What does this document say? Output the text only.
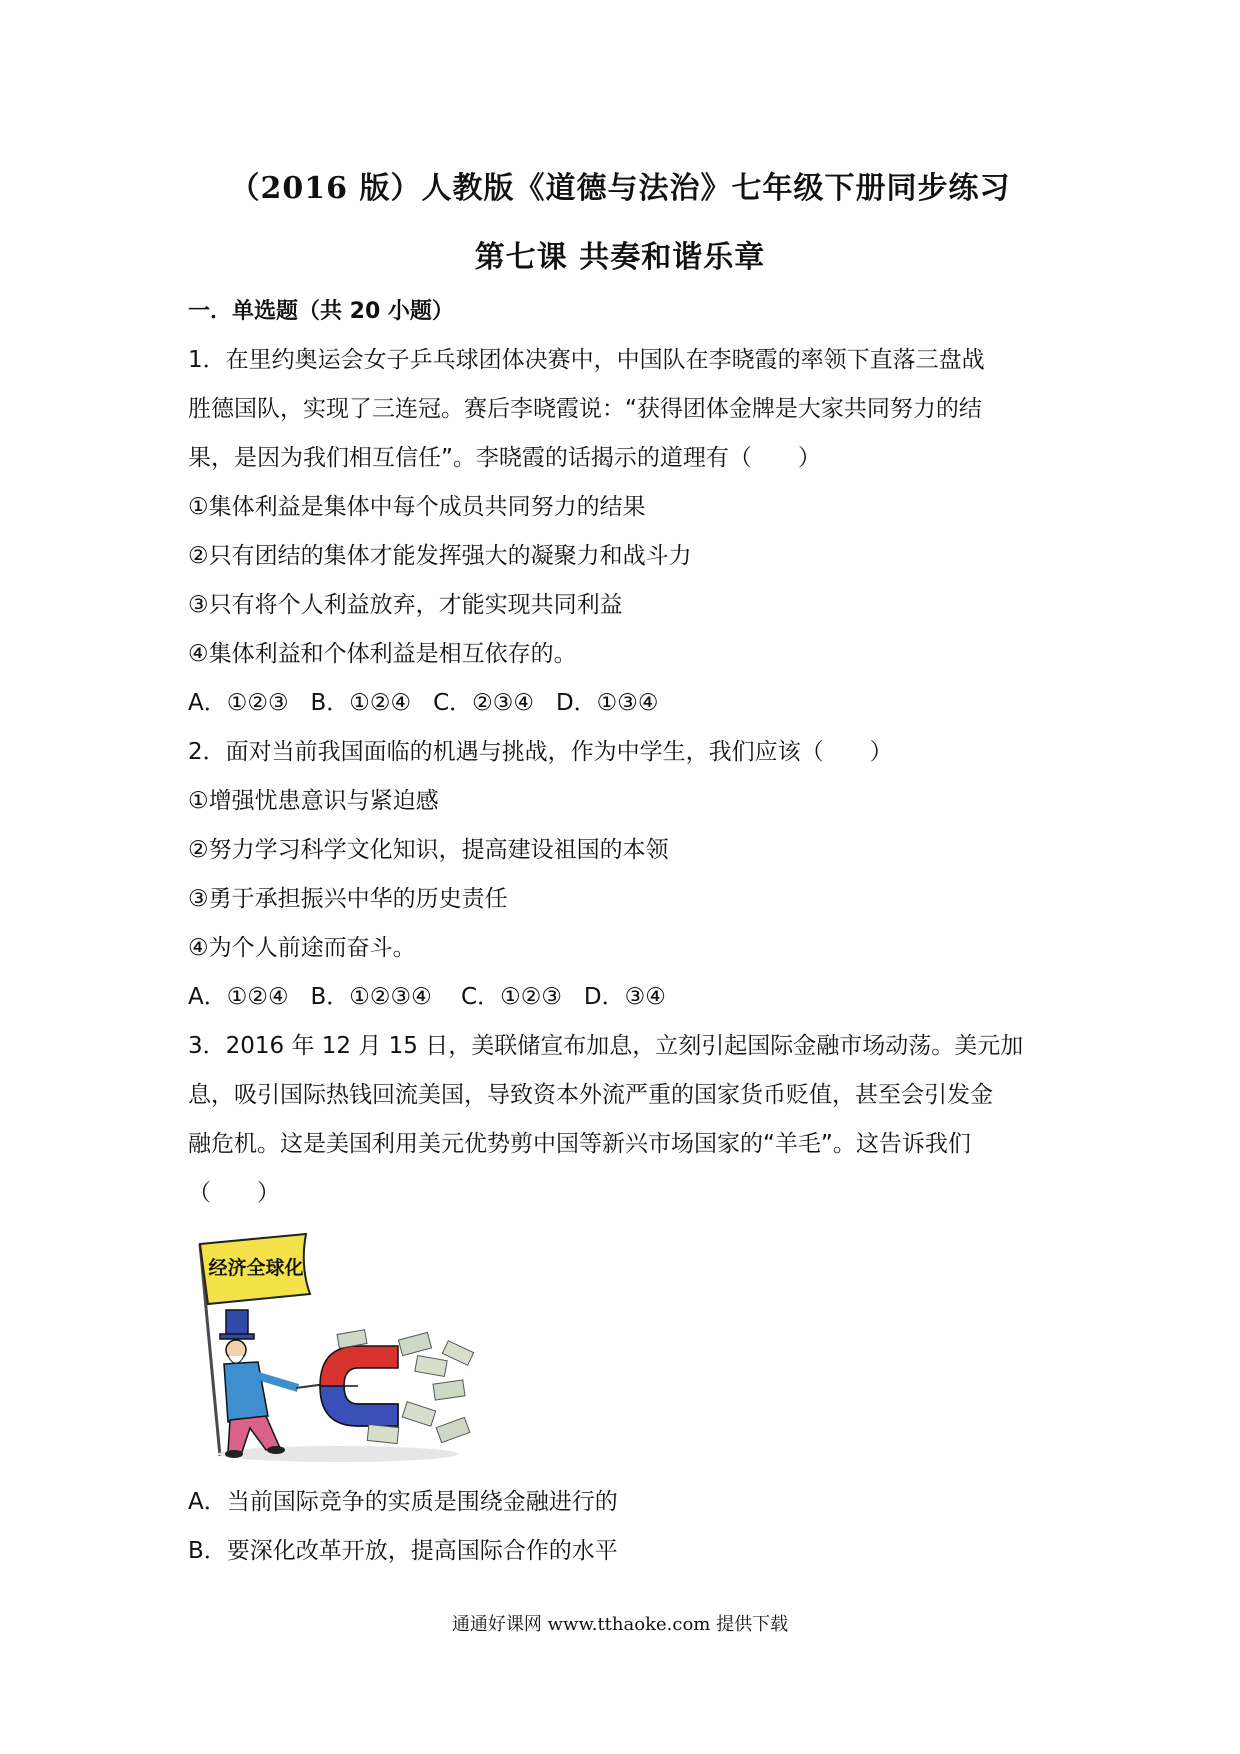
（2016 版）人教版《道德与法治》七年级下册同步练习
第七课 共奏和谐乐章
一．单选题（共 20 小题）
1．在里约奥运会女子乒乓球团体决赛中，中国队在李晓霞的率领下直落三盘战
胜德国队，实现了三连冠。赛后李晓霞说：“获得团体金牌是大家共同努力的结
果，是因为我们相互信任”。李晓霞的话揭示的道理有（　　）
①集体利益是集体中每个成员共同努力的结果
②只有团结的集体才能发挥强大的凝聚力和战斗力
③只有将个人利益放弃，才能实现共同利益
④集体利益和个体利益是相互依存的。
A．①②③   B．①②④   C．②③④   D．①③④
2．面对当前我国面临的机遇与挑战，作为中学生，我们应该（　　）
①增强忧患意识与紧迫感
②努力学习科学文化知识，提高建设祖国的本领
③勇于承担振兴中华的历史责任
④为个人前途而奋斗。
A．①②④   B．①②③④    C．①②③   D．③④
3．2016 年 12 月 15 日，美联储宣布加息，立刻引起国际金融市场动荡。美元加
息，吸引国际热钱回流美国，导致资本外流严重的国家货币贬值，甚至会引发金
融危机。这是美国利用美元优势剪中国等新兴市场国家的“羊毛”。这告诉我们
（　　）
经济全球化
A．当前国际竞争的实质是围绕金融进行的
B．要深化改革开放，提高国际合作的水平
通通好课网 www.tthaoke.com 提供下载
